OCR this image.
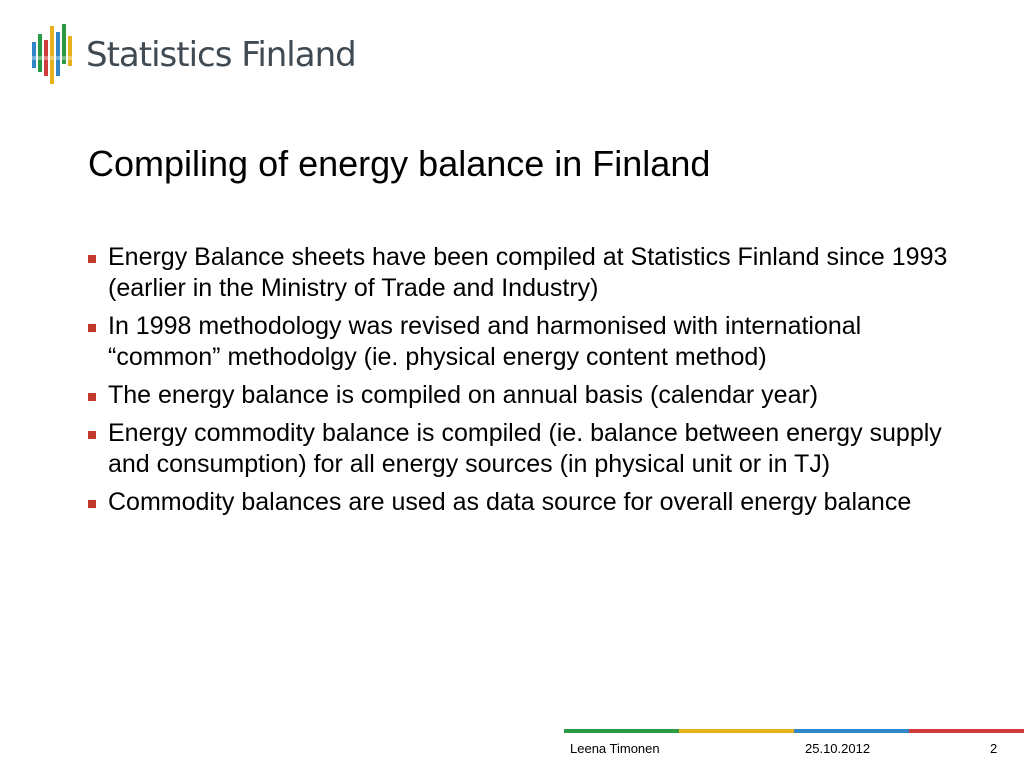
Statistics Finland
Compiling of energy balance in Finland
Energy Balance sheets have been compiled at Statistics Finland since 1993 (earlier in the Ministry of Trade and Industry)
In 1998 methodology was revised and harmonised with international “common” methodolgy (ie. physical energy content method)
The energy balance is compiled on annual basis (calendar year)
Energy commodity balance is compiled (ie. balance between energy supply and consumption) for all energy sources (in physical unit or in TJ)
Commodity balances are used as data source for overall energy balance
Leena Timonen	25.10.2012	2
